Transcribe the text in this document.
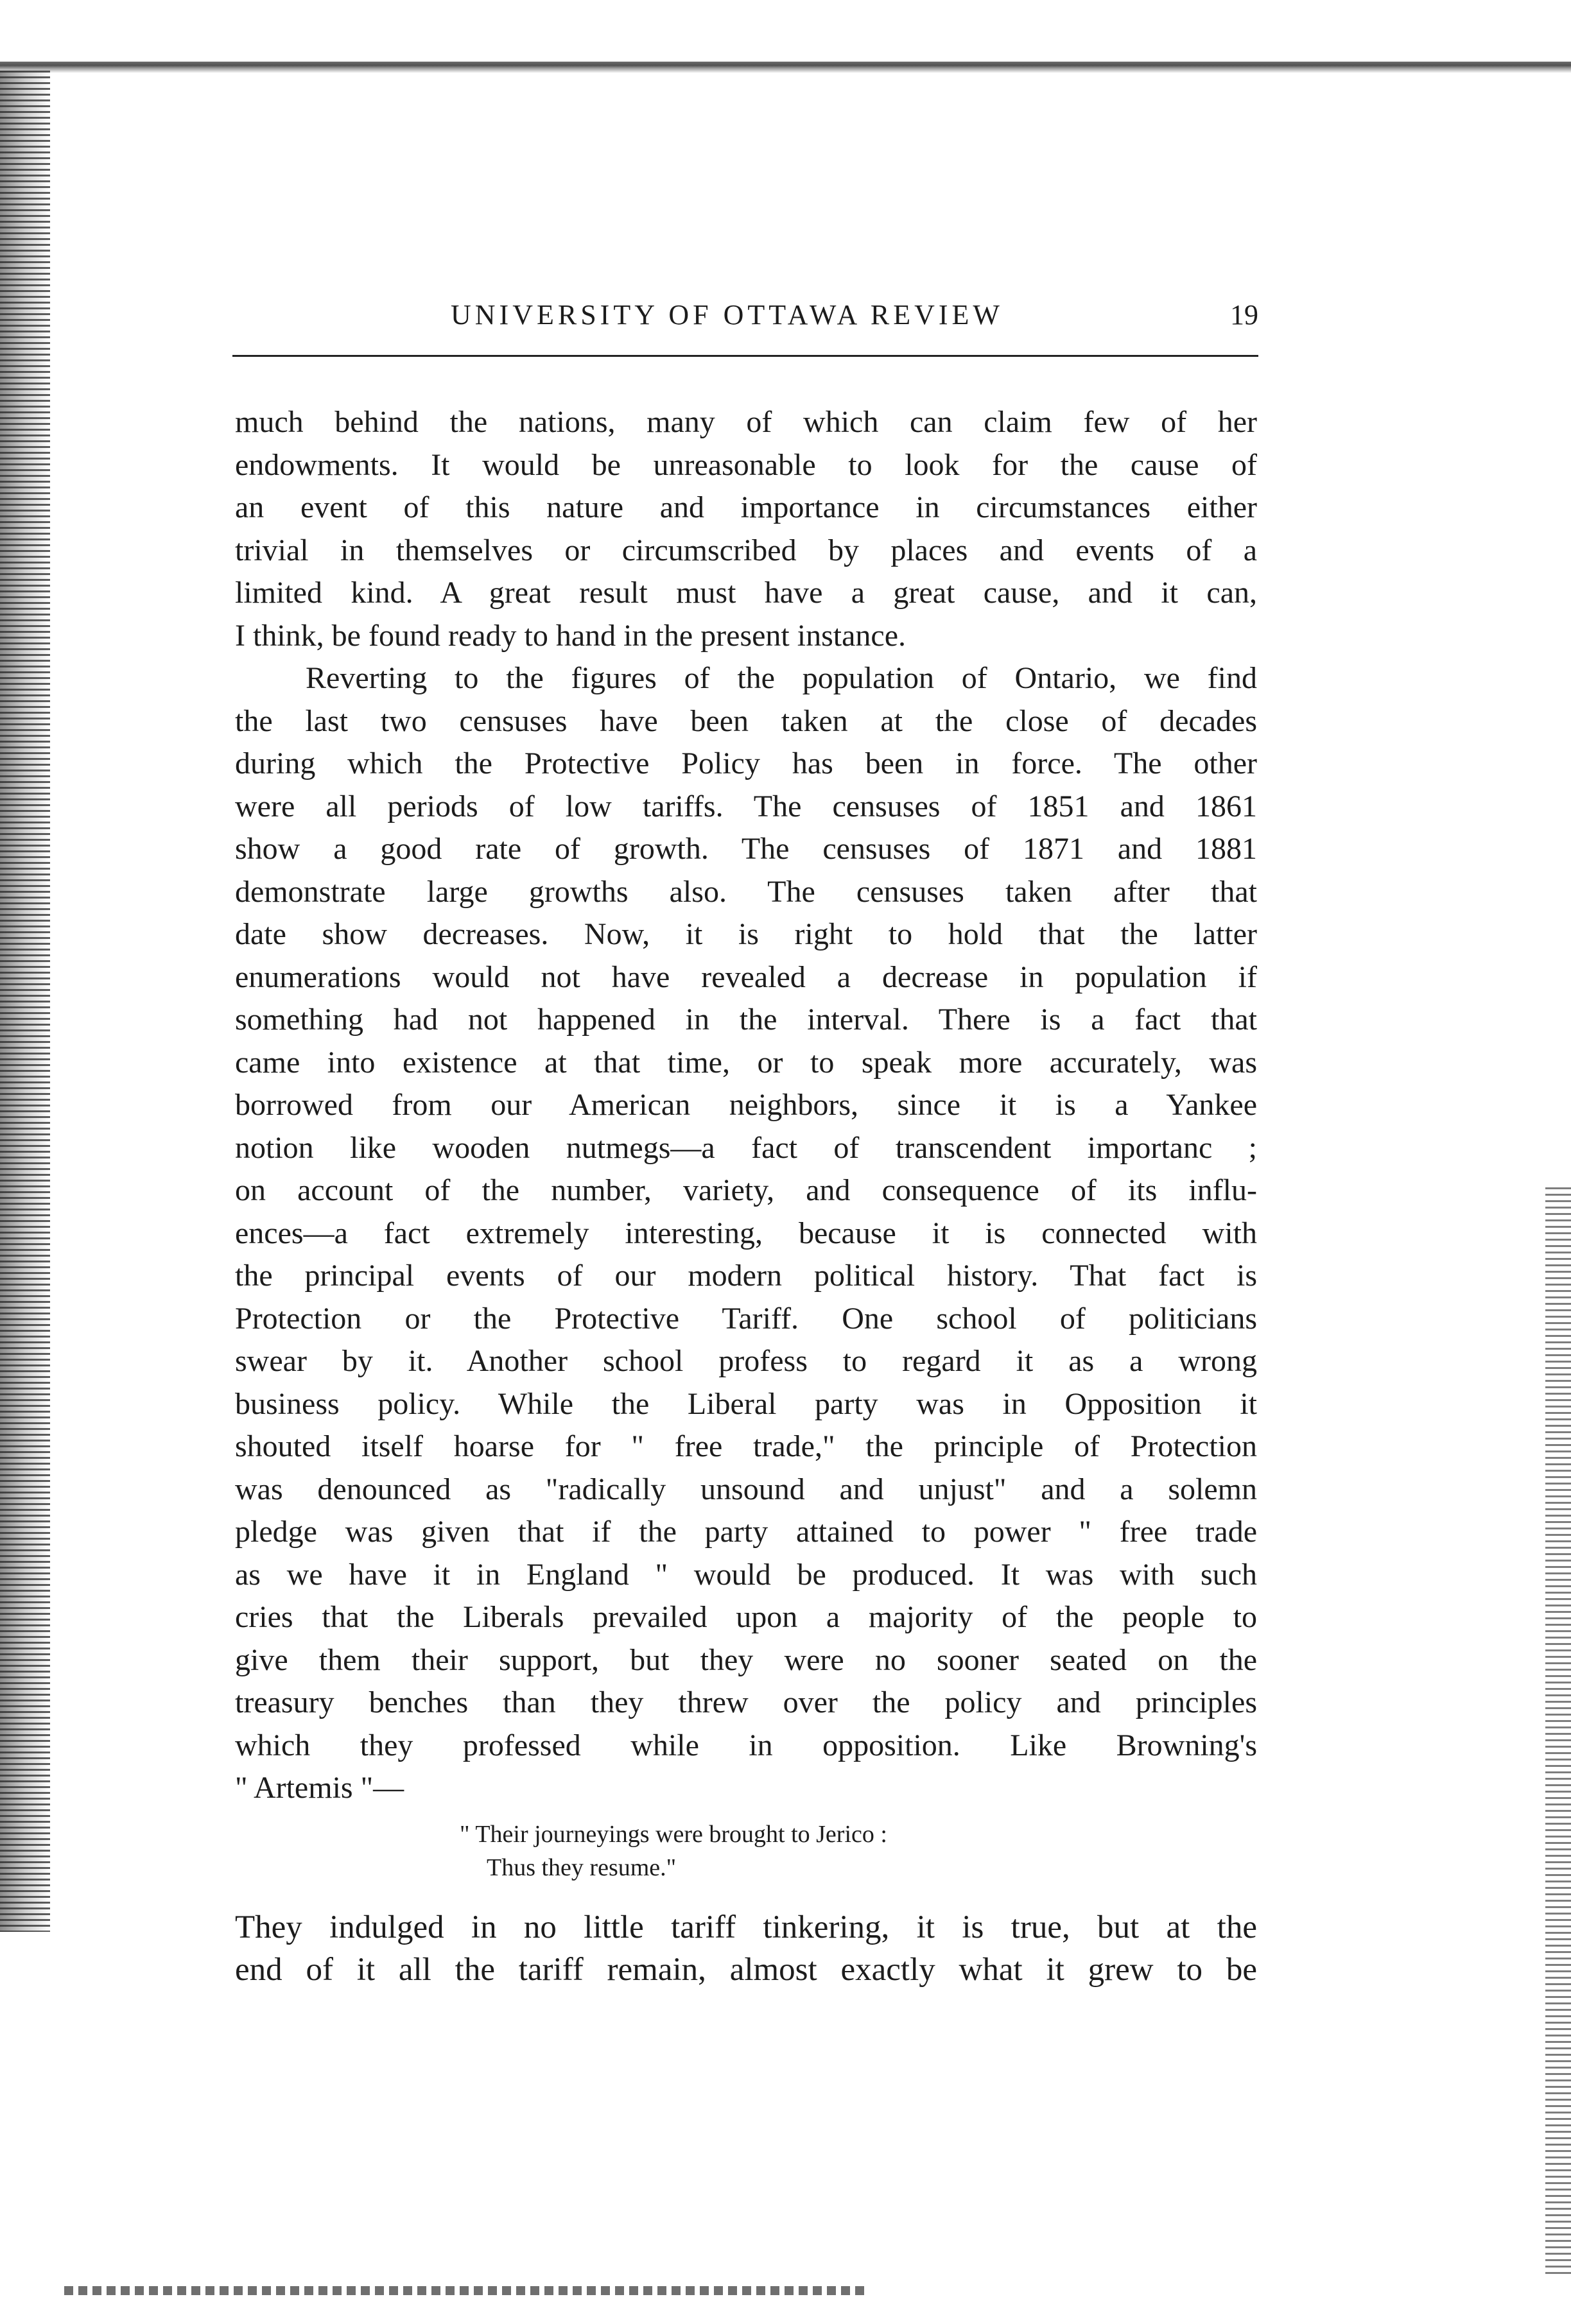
UNIVERSITY OF OTTAWA REVIEW	19
much behind the nations, many of which can claim few of her
endowments. It would be unreasonable to look for the cause of
an event of this nature and importance in circumstances either
trivial in themselves or circumscribed by places and events of a
limited kind. A great result must have a great cause, and it can,
I think, be found ready to hand in the present instance.
Reverting to the figures of the population of Ontario, we find
the last two censuses have been taken at the close of decades
during which the Protective Policy has been in force. The other
were all periods of low tariffs. The censuses of 1851 and 1861
show a good rate of growth. The censuses of 1871 and 1881
demonstrate large growths also. The censuses taken after that
date show decreases. Now, it is right to hold that the latter
enumerations would not have revealed a decrease in population if
something had not happened in the interval. There is a fact that
came into existence at that time, or to speak more accurately, was
borrowed from our American neighbors, since it is a Yankee
notion like wooden nutmegs—a fact of transcendent importanc ;
on account of the number, variety, and consequence of its influ-
ences—a fact extremely interesting, because it is connected with
the principal events of our modern political history. That fact is
Protection or the Protective Tariff. One school of politicians
swear by it. Another school profess to regard it as a wrong
business policy. While the Liberal party was in Opposition it
shouted itself hoarse for " free trade," the principle of Protection
was denounced as "radically unsound and unjust" and a solemn
pledge was given that if the party attained to power " free trade
as we have it in England " would be produced. It was with such
cries that the Liberals prevailed upon a majority of the people to
give them their support, but they were no sooner seated on the
treasury benches than they threw over the policy and principles
which they professed while in opposition. Like Browning's
" Artemis "—
" Their journeyings were brought to Jerico :
Thus they resume."
They indulged in no little tariff tinkering, it is true, but at the
end of it all the tariff remain, almost exactly what it grew to be
